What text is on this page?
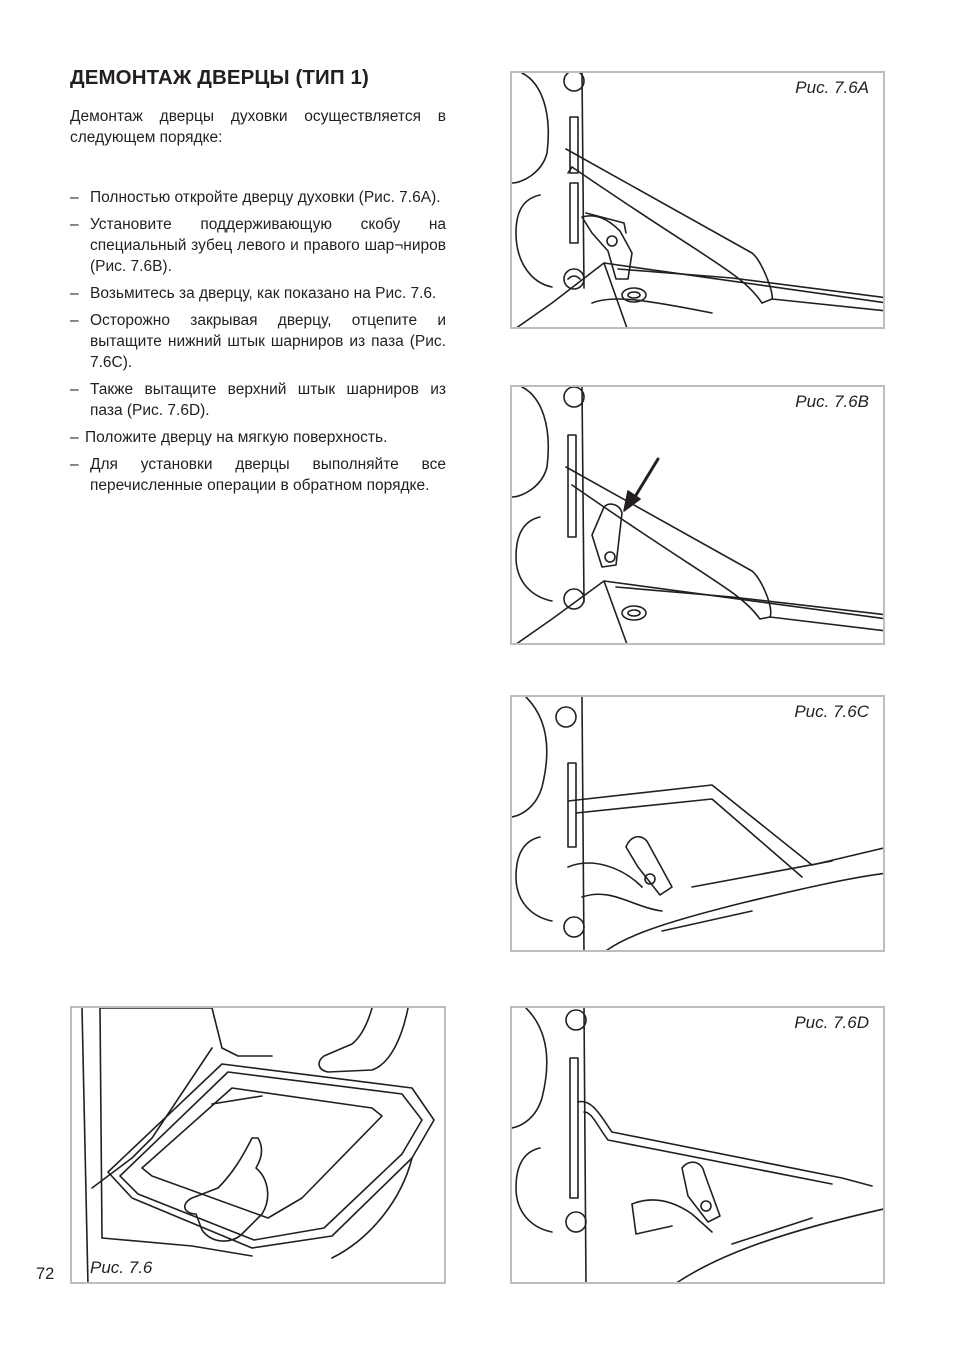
ДЕМОНТАЖ ДВЕРЦЫ (ТИП 1)

Демонтаж дверцы духовки осуществляется в следующем порядке:

– Полностью откройте дверцу духовки (Рис. 7.6A).
– Установите поддерживающую скобу на специальный зубец левого и правого шар¬ниров (Рис. 7.6B).
– Возьмитесь за дверцу, как показано на Рис. 7.6.
– Осторожно закрывая дверцу, отцепите и вытащите нижний штык шарниров из паза (Рис. 7.6C).
– Также вытащите верхний штык шарниров из паза (Рис. 7.6D).
– Положите дверцу на мягкую поверхность.
– Для установки дверцы выполняйте все перечисленные операции в обратном порядке.
Рис. 7.6A
Рис. 7.6B
Рис. 7.6C
Рис. 7.6D
Рис. 7.6
72
